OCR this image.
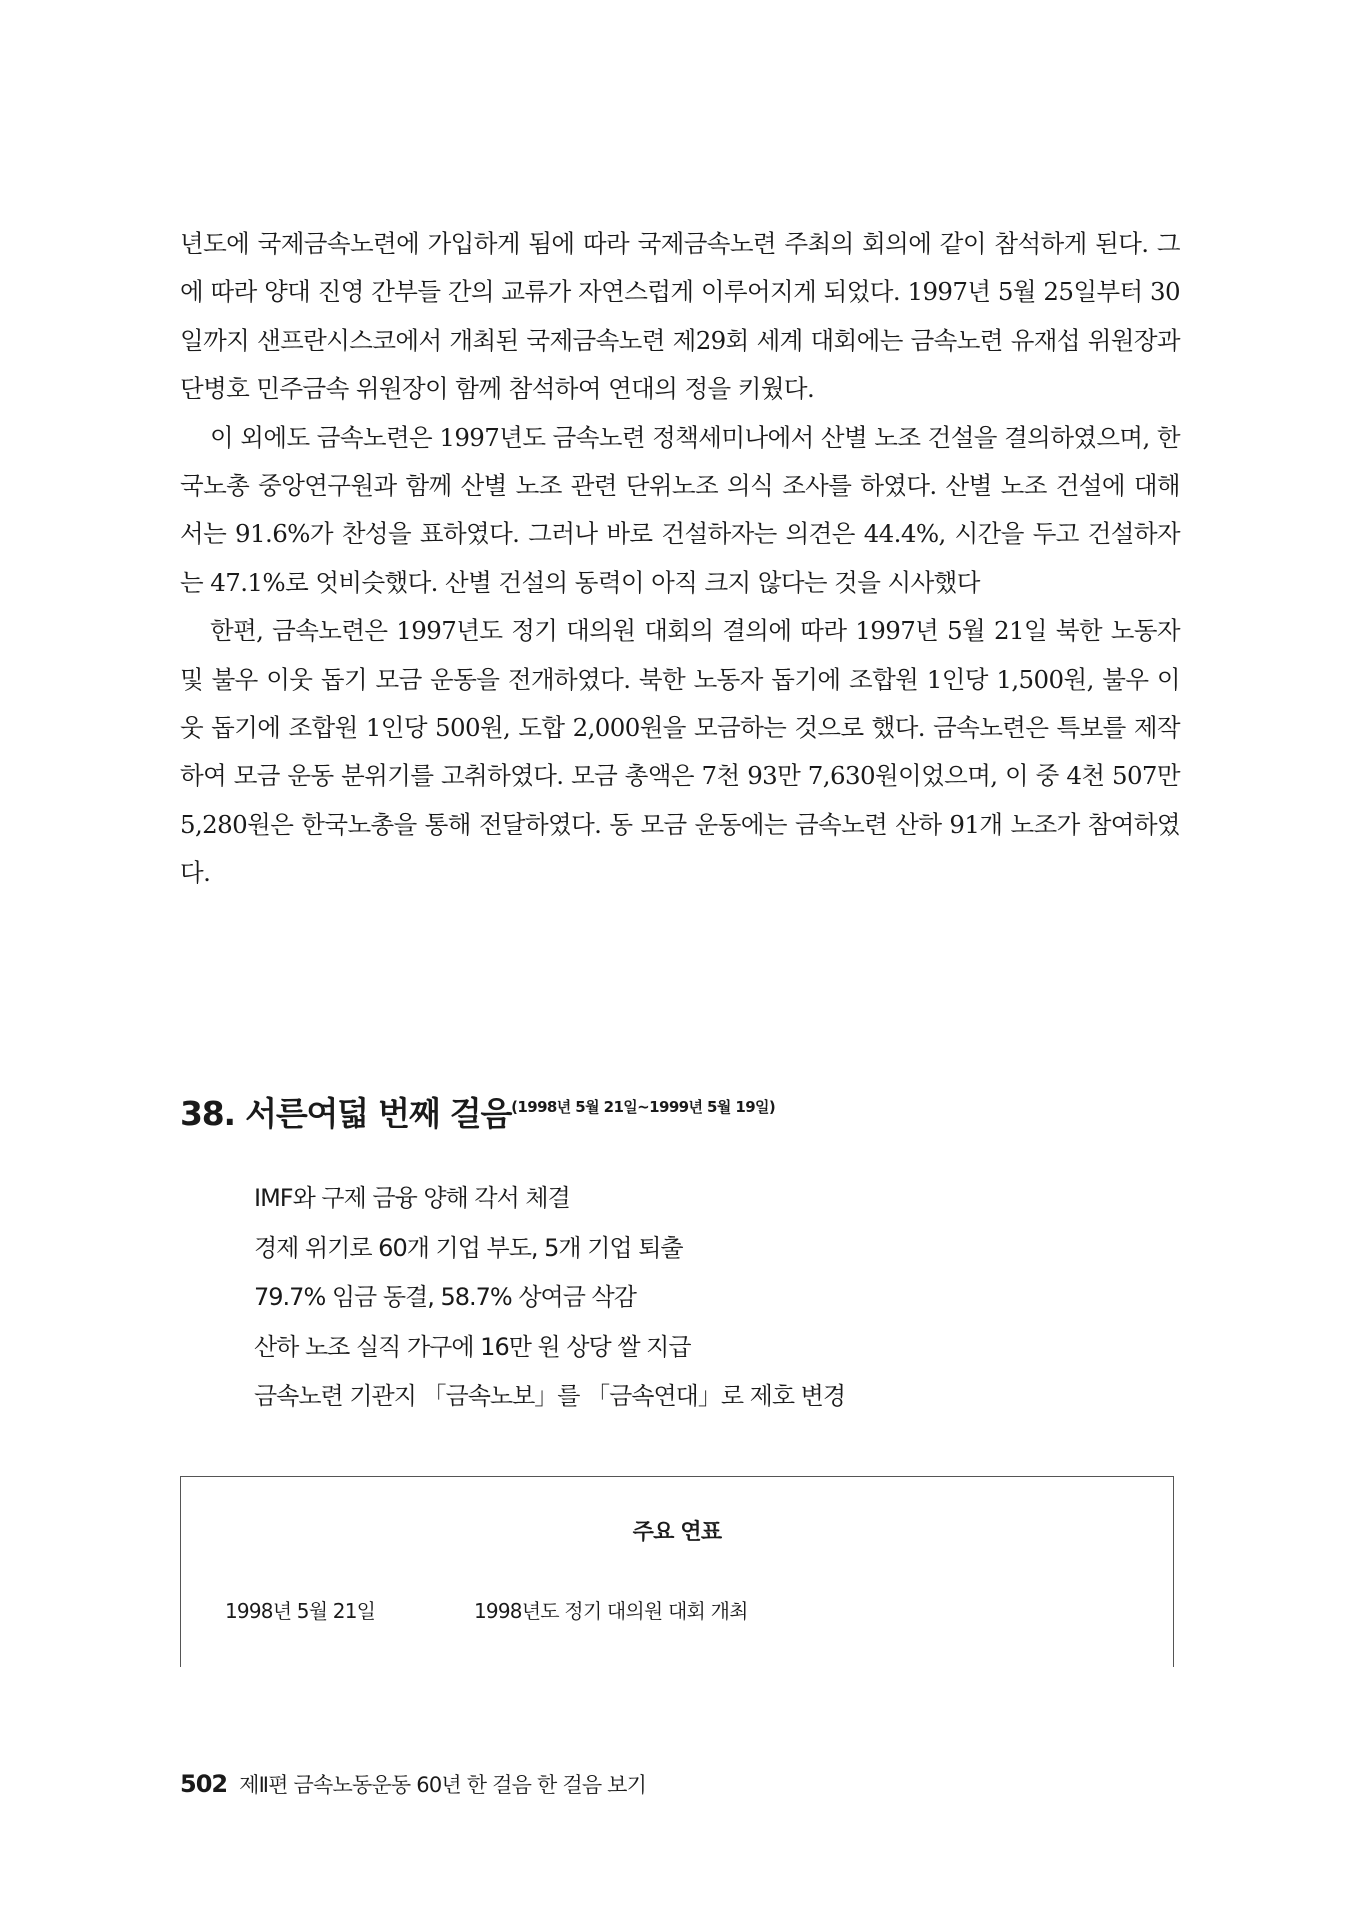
년도에 국제금속노련에 가입하게 됨에 따라 국제금속노련 주최의 회의에 같이 참석하게 된다. 그에 따라 양대 진영 간부들 간의 교류가 자연스럽게 이루어지게 되었다. 1997년 5월 25일부터 30일까지 샌프란시스코에서 개최된 국제금속노련 제29회 세계 대회에는 금속노련 유재섭 위원장과 단병호 민주금속 위원장이 함께 참석하여 연대의 정을 키웠다.

이 외에도 금속노련은 1997년도 금속노련 정책세미나에서 산별 노조 건설을 결의하였으며, 한국노총 중앙연구원과 함께 산별 노조 관련 단위노조 의식 조사를 하였다. 산별 노조 건설에 대해서는 91.6%가 찬성을 표하였다. 그러나 바로 건설하자는 의견은 44.4%, 시간을 두고 건설하자는 47.1%로 엇비슷했다. 산별 건설의 동력이 아직 크지 않다는 것을 시사했다

한편, 금속노련은 1997년도 정기 대의원 대회의 결의에 따라 1997년 5월 21일 북한 노동자 및 불우 이웃 돕기 모금 운동을 전개하였다. 북한 노동자 돕기에 조합원 1인당 1,500원, 불우 이웃 돕기에 조합원 1인당 500원, 도합 2,000원을 모금하는 것으로 했다. 금속노련은 특보를 제작하여 모금 운동 분위기를 고취하였다. 모금 총액은 7천 93만 7,630원이었으며, 이 중 4천 507만 5,280원은 한국노총을 통해 전달하였다. 동 모금 운동에는 금속노련 산하 91개 노조가 참여하였다.

38. 서른여덟 번째 걸음$^{(1998년 5월 21일\sim 1999년 5월 19일)}$
IMF와 구제 금융 양해 각서 체결
경제 위기로 60개 기업 부도, 5개 기업 퇴출
79.7% 임금 동결, 58.7% 상여금 삭감
산하 노조 실직 가구에 16만 원 상당 쌀 지급
금속노련 기관지 「금속노보」를 「금속연대」로 제호 변경
주요 연표
1998년 5월 21일	1998년도 정기 대의원 대회 개최
502 제Ⅱ편 금속노동운동 60년 한 걸음 한 걸음 보기
